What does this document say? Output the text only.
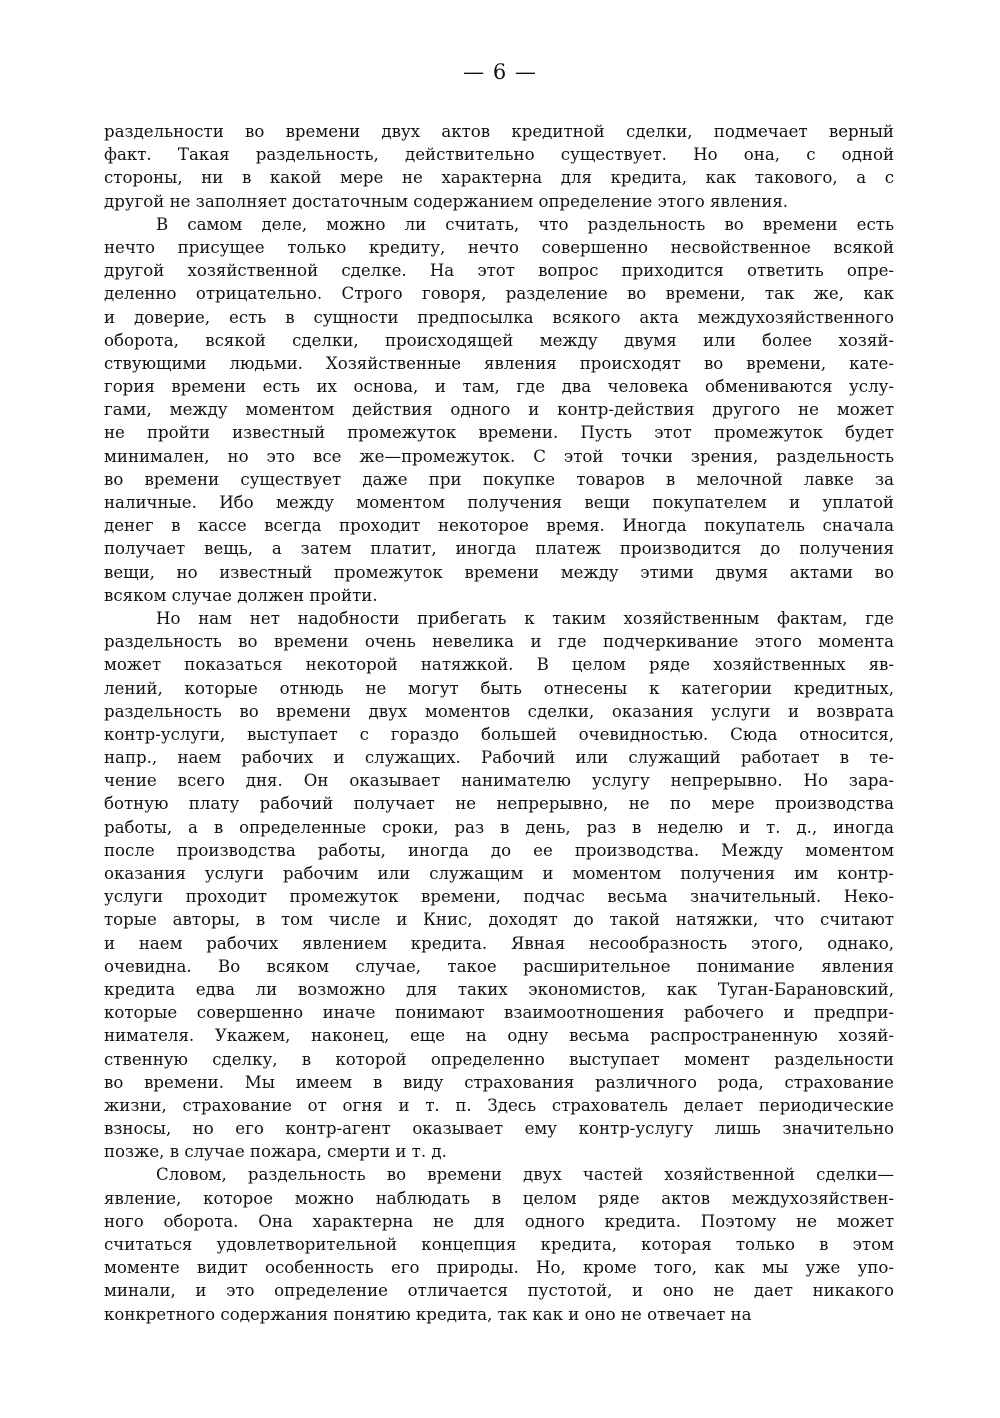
— 6 —
раздельности во времени двух актов кредитной сделки, подмечает верный
факт. Такая раздельность, действительно существует. Но она, с одной
стороны, ни в какой мере не характерна для кредита, как такового, а с
другой не заполняет достаточным содержанием определение этого явления.
В самом деле, можно ли считать, что раздельность во времени есть
нечто присущее только кредиту, нечто совершенно несвойственное всякой
другой хозяйственной сделке. На этот вопрос приходится ответить опре-
деленно отрицательно. Строго говоря, разделение во времени, так же, как
и доверие, есть в сущности предпосылка всякого акта междухозяйственного
оборота, всякой сделки, происходящей между двумя или более хозяй-
ствующими людьми. Хозяйственные явления происходят во времени, кате-
гория времени есть их основа, и там, где два человека обмениваются услу-
гами, между моментом действия одного и контр-действия другого не может
не пройти известный промежуток времени. Пусть этот промежуток будет
минимален, но это все же—промежуток. С этой точки зрения, раздельность
во времени существует даже при покупке товаров в мелочной лавке за
наличные. Ибо между моментом получения вещи покупателем и уплатой
денег в кассе всегда проходит некоторое время. Иногда покупатель сначала
получает вещь, а затем платит, иногда платеж производится до получения
вещи, но известный промежуток времени между этими двумя актами во
всяком случае должен пройти.
Но нам нет надобности прибегать к таким хозяйственным фактам, где
раздельность во времени очень невелика и где подчеркивание этого момента
может показаться некоторой натяжкой. В целом ряде хозяйственных яв-
лений, которые отнюдь не могут быть отнесены к категории кредитных,
раздельность во времени двух моментов сделки, оказания услуги и возврата
контр-услуги, выступает с гораздо большей очевидностью. Сюда относится,
напр., наем рабочих и служащих. Рабочий или служащий работает в те-
чение всего дня. Он оказывает нанимателю услугу непрерывно. Но зара-
ботную плату рабочий получает не непрерывно, не по мере производства
работы, а в определенные сроки, раз в день, раз в неделю и т. д., иногда
после производства работы, иногда до ее производства. Между моментом
оказания услуги рабочим или служащим и моментом получения им контр-
услуги проходит промежуток времени, подчас весьма значительный. Неко-
торые авторы, в том числе и Книс, доходят до такой натяжки, что считают
и наем рабочих явлением кредита. Явная несообразность этого, однако,
очевидна. Во всяком случае, такое расширительное понимание явления
кредита едва ли возможно для таких экономистов, как Туган-Барановский,
которые совершенно иначе понимают взаимоотношения рабочего и предпри-
нимателя. Укажем, наконец, еще на одну весьма распространенную хозяй-
ственную сделку, в которой определенно выступает момент раздельности
во времени. Мы имеем в виду страхования различного рода, страхование
жизни, страхование от огня и т. п. Здесь страхователь делает периодические
взносы, но его контр-агент оказывает ему контр-услугу лишь значительно
позже, в случае пожара, смерти и т. д.
Словом, раздельность во времени двух частей хозяйственной сделки—
явление, которое можно наблюдать в целом ряде актов междухозяйствен-
ного оборота. Она характерна не для одного кредита. Поэтому не может
считаться удовлетворительной концепция кредита, которая только в этом
моменте видит особенность его природы. Но, кроме того, как мы уже упо-
минали, и это определение отличается пустотой, и оно не дает никакого
конкретного содержания понятию кредита, так как и оно не отвечает на
